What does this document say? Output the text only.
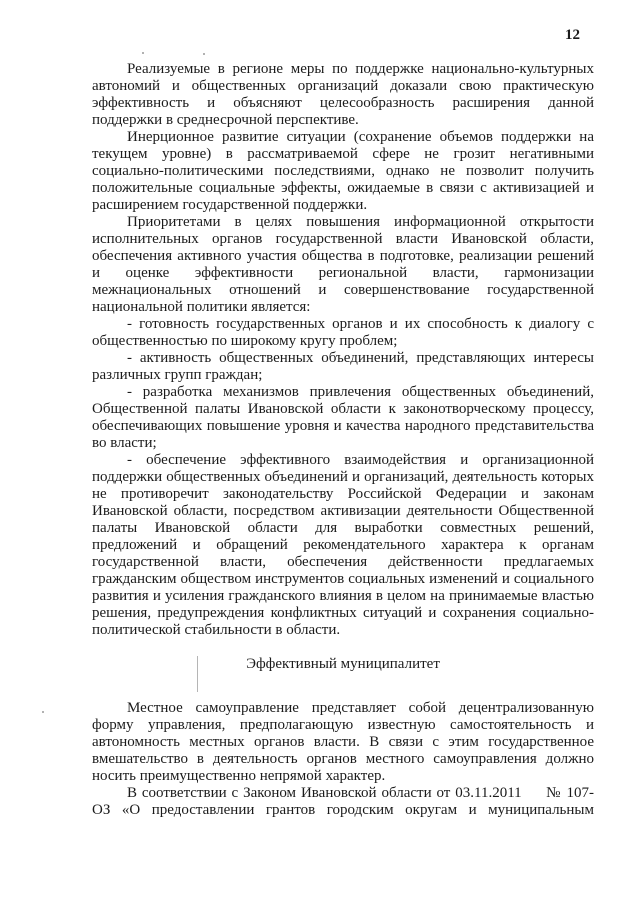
12
Реализуемые в регионе меры по поддержке национально-культурных
автономий и общественных организаций доказали свою практическую
эффективность и объясняют целесообразность расширения данной
поддержки в среднесрочной перспективе.
Инерционное развитие ситуации (сохранение объемов поддержки на
текущем уровне) в рассматриваемой сфере не грозит негативными
социально-политическими последствиями, однако не позволит получить
положительные социальные эффекты, ожидаемые в связи с активизацией и
расширением государственной поддержки.
Приоритетами в целях повышения информационной открытости
исполнительных органов государственной власти Ивановской области,
обеспечения активного участия общества в подготовке, реализации решений
и оценке эффективности региональной власти, гармонизации
межнациональных отношений и совершенствование государственной
национальной политики является:
- готовность государственных органов и их способность к диалогу с
общественностью по широкому кругу проблем;
- активность общественных объединений, представляющих интересы
различных групп граждан;
- разработка механизмов привлечения общественных объединений,
Общественной палаты Ивановской области к законотворческому процессу,
обеспечивающих повышение уровня и качества народного представительства
во власти;
- обеспечение эффективного взаимодействия и организационной
поддержки общественных объединений и организаций, деятельность которых
не противоречит законодательству Российской Федерации и законам
Ивановской области, посредством активизации деятельности Общественной
палаты Ивановской области для выработки совместных решений,
предложений и обращений рекомендательного характера к органам
государственной власти, обеспечения действенности предлагаемых
гражданским обществом инструментов социальных изменений и социального
развития и усиления гражданского влияния в целом на принимаемые властью
решения, предупреждения конфликтных ситуаций и сохранения социально-
политической стабильности в области.
Эффективный муниципалитет
Местное самоуправление представляет собой децентрализованную
форму управления, предполагающую известную самостоятельность и
автономность местных органов власти. В связи с этим государственное
вмешательство в деятельность органов местного самоуправления должно
носить преимущественно непрямой характер.
В соответствии с Законом Ивановской области от 03.11.2011     № 107-
ОЗ «О предоставлении грантов городским округам и муниципальным
